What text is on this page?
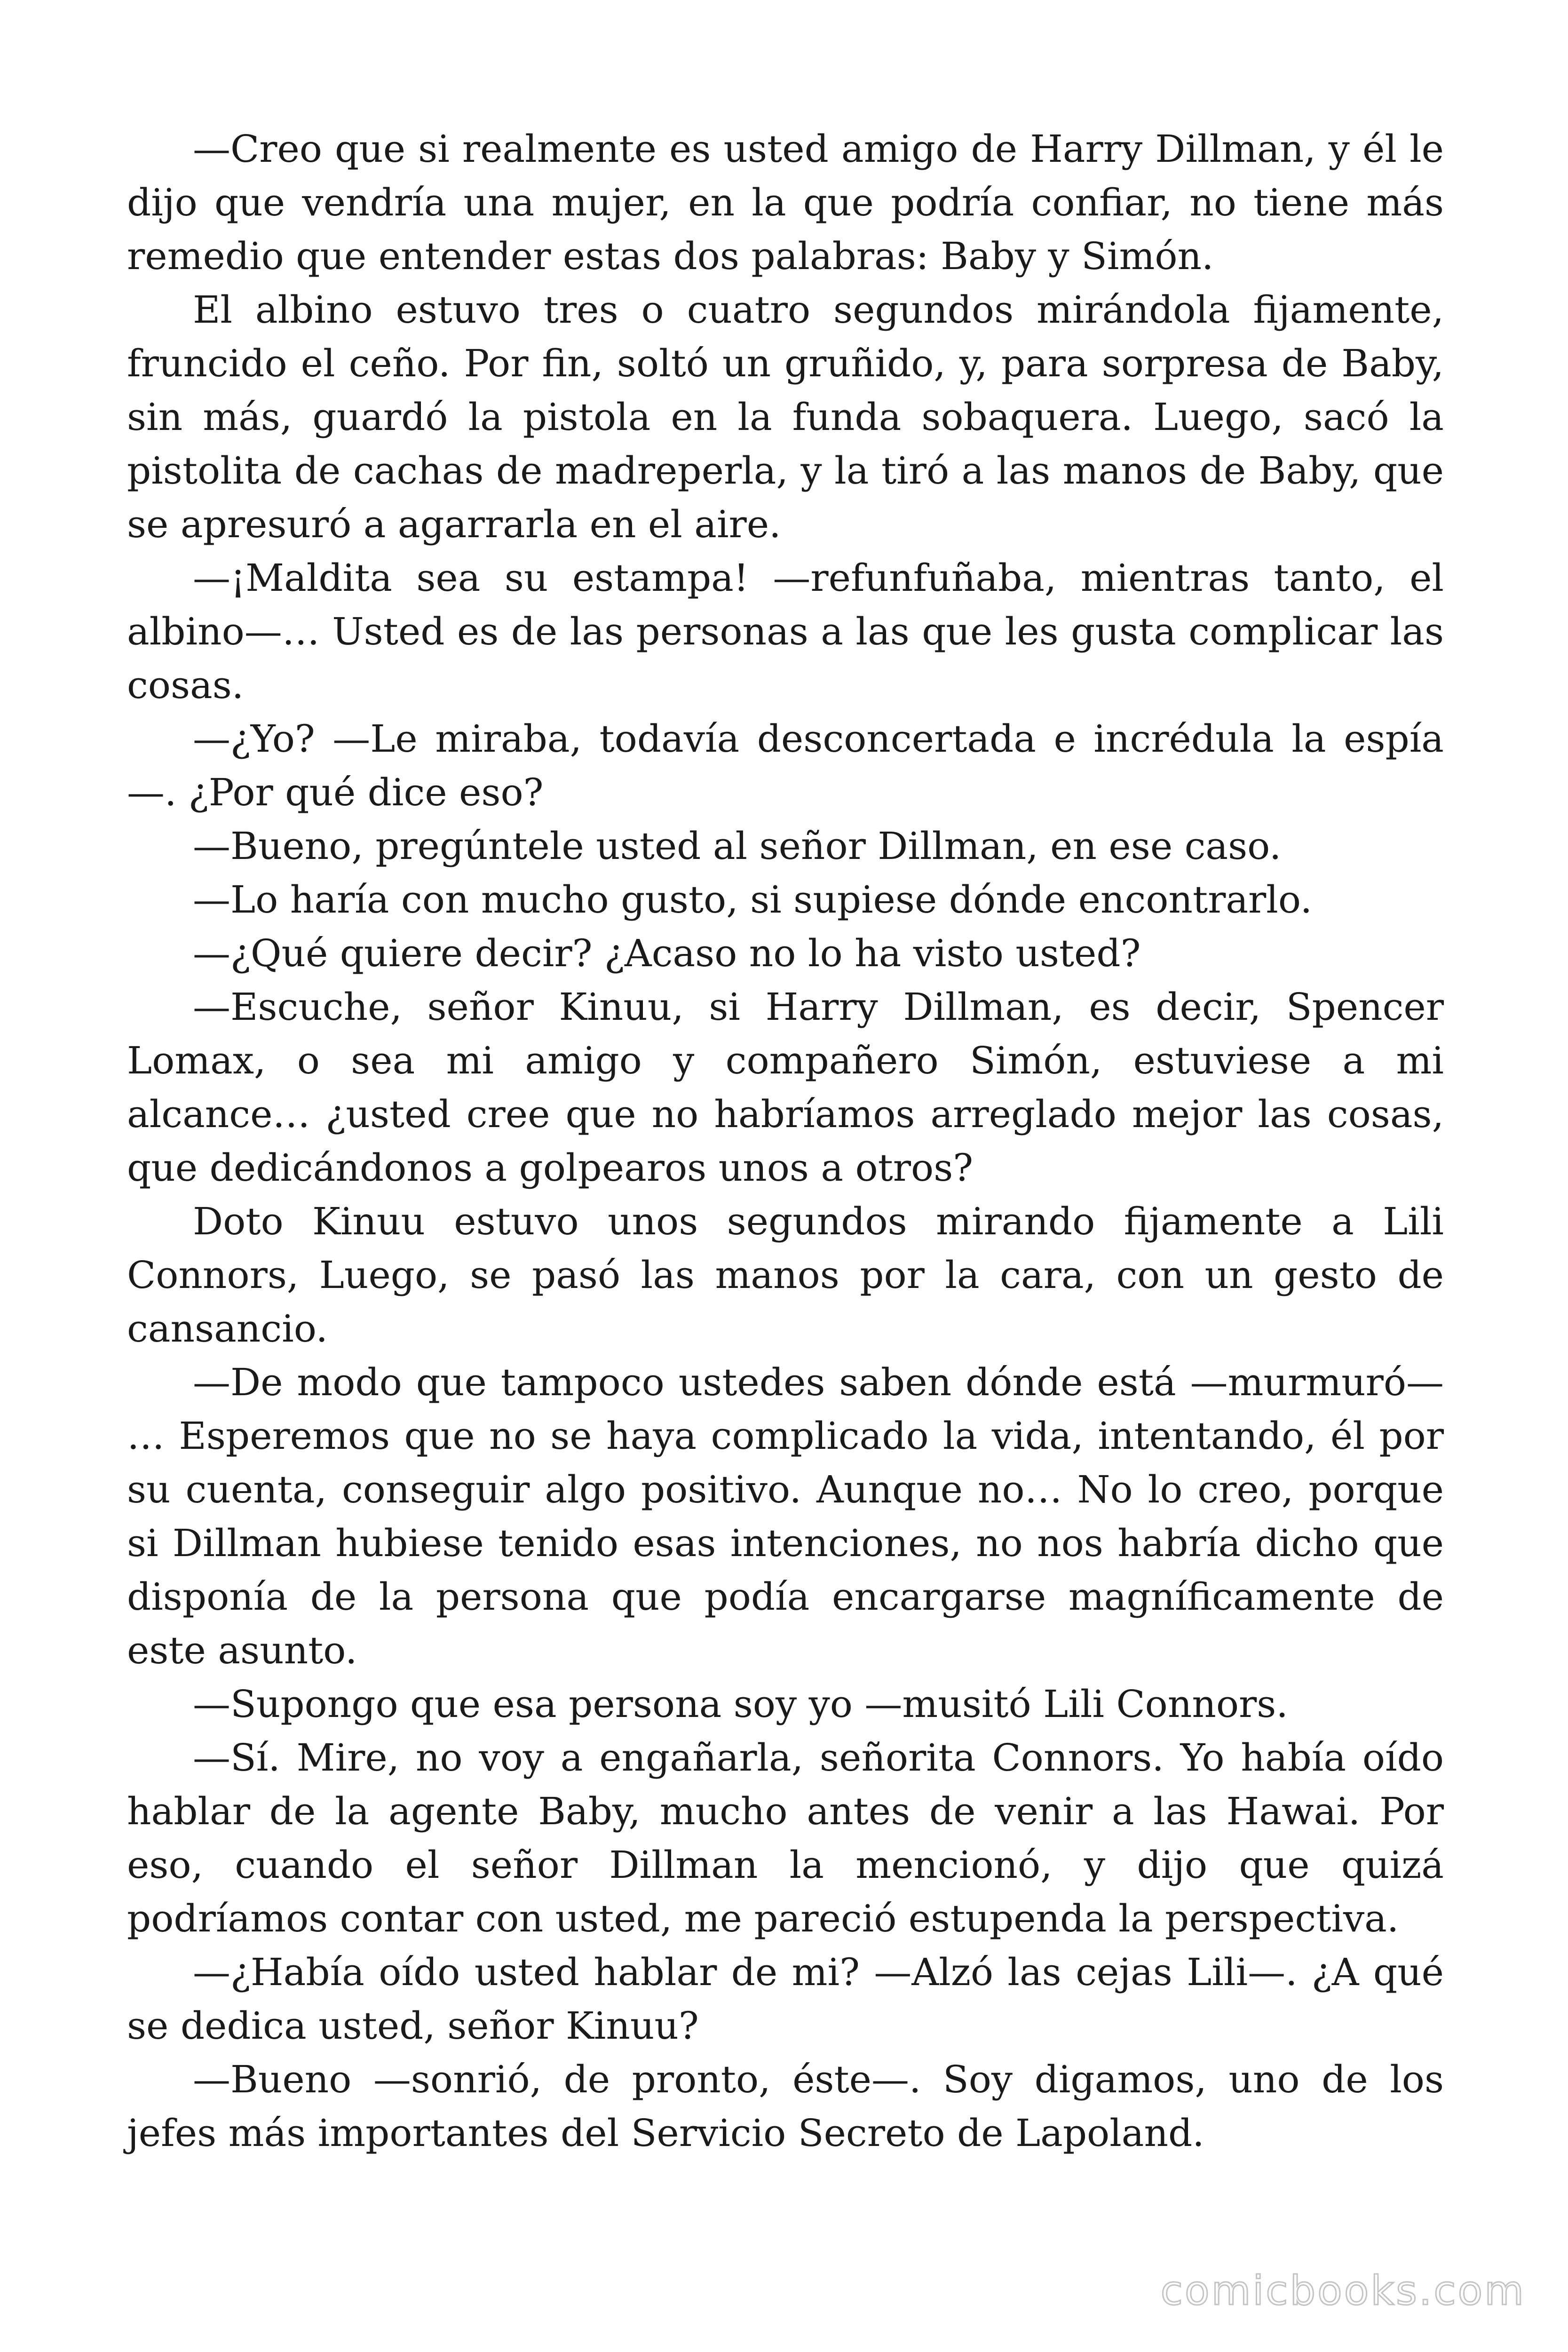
—Creo que si realmente es usted amigo de Harry Dillman, y él le dijo que vendría una mujer, en la que podría confiar, no tiene más remedio que entender estas dos palabras: Baby y Simón.

El albino estuvo tres o cuatro segundos mirándola fijamente, fruncido el ceño. Por fin, soltó un gruñido, y, para sorpresa de Baby, sin más, guardó la pistola en la funda sobaquera. Luego, sacó la pistolita de cachas de madreperla, y la tiró a las manos de Baby, que se apresuró a agarrarla en el aire.

—¡Maldita sea su estampa! —refunfuñaba, mientras tanto, el albino—… Usted es de las personas a las que les gusta complicar las cosas.

—¿Yo? —Le miraba, todavía desconcertada e incrédula la espía —. ¿Por qué dice eso?

—Bueno, pregúntele usted al señor Dillman, en ese caso.

—Lo haría con mucho gusto, si supiese dónde encontrarlo.

—¿Qué quiere decir? ¿Acaso no lo ha visto usted?

—Escuche, señor Kinuu, si Harry Dillman, es decir, Spencer Lomax, o sea mi amigo y compañero Simón, estuviese a mi alcance… ¿usted cree que no habríamos arreglado mejor las cosas, que dedicándonos a golpearos unos a otros?

Doto Kinuu estuvo unos segundos mirando fijamente a Lili Connors, Luego, se pasó las manos por la cara, con un gesto de cansancio.

—De modo que tampoco ustedes saben dónde está —murmuró— … Esperemos que no se haya complicado la vida, intentando, él por su cuenta, conseguir algo positivo. Aunque no… No lo creo, porque si Dillman hubiese tenido esas intenciones, no nos habría dicho que disponía de la persona que podía encargarse magníficamente de este asunto.

—Supongo que esa persona soy yo —musitó Lili Connors.

—Sí. Mire, no voy a engañarla, señorita Connors. Yo había oído hablar de la agente Baby, mucho antes de venir a las Hawai. Por eso, cuando el señor Dillman la mencionó, y dijo que quizá podríamos contar con usted, me pareció estupenda la perspectiva.

—¿Había oído usted hablar de mi? —Alzó las cejas Lili—. ¿A qué se dedica usted, señor Kinuu?

—Bueno —sonrió, de pronto, éste—. Soy digamos, uno de los jefes más importantes del Servicio Secreto de Lapoland.

comicbooks.com
